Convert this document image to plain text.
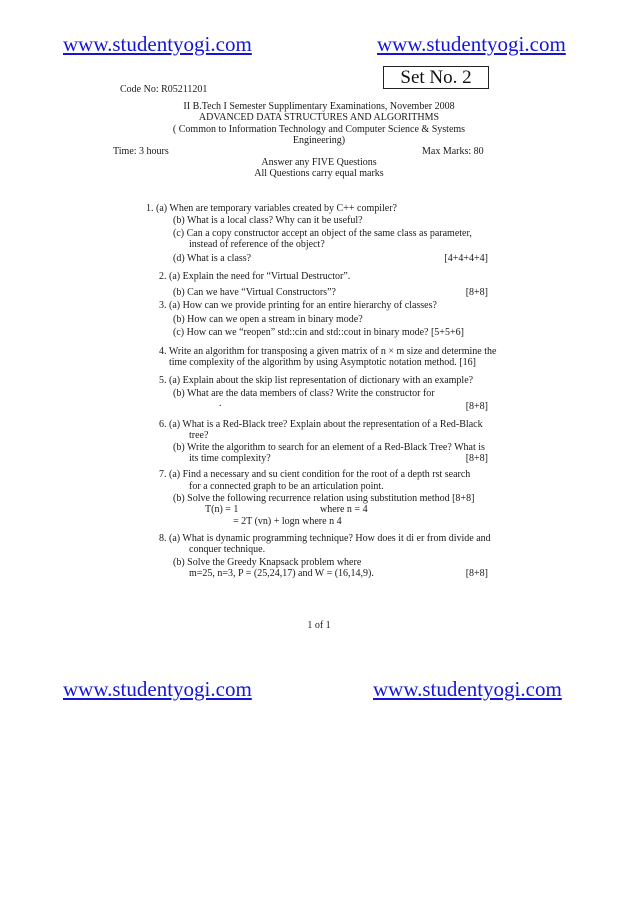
www.studentyogi.com	www.studentyogi.com
www.studentyogi.com	www.studentyogi.com
Code No: R05211201
Set No. 2
II B.Tech I Semester Supplimentary Examinations, November 2008
ADVANCED DATA STRUCTURES AND ALGORITHMS
( Common to Information Technology and Computer Science & Systems
Engineering)
Time: 3 hours	Max Marks: 80
Answer any FIVE Questions
All Questions carry equal marks
1. (a) When are temporary variables created by C++ compiler?
(b) What is a local class? Why can it be useful?
(c) Can a copy constructor accept an object of the same class as parameter,
instead of reference of the object?
(d) What is a class?	[4+4+4+4]
2. (a) Explain the need for “Virtual Destructor”.
(b) Can we have “Virtual Constructors”?	[8+8]
3. (a) How can we provide printing for an entire hierarchy of classes?
(b) How can we open a stream in binary mode?
(c) How can we “reopen” std::cin and std::cout in binary mode? [5+5+6]
4. Write an algorithm for transposing a given matrix of n × m size and determine the
time complexity of the algorithm by using Asymptotic notation method. [16]
5. (a) Explain about the skip list representation of dictionary with an example?
(b) What are the data members of class? Write the constructor for
.	[8+8]
6. (a) What is a Red-Black tree? Explain about the representation of a Red-Black
tree?
(b) Write the algorithm to search for an element of a Red-Black Tree? What is
its time complexity?	[8+8]
7. (a) Find a necessary and su cient condition for the root of a depth rst search
for a connected graph to be an articulation point.
(b) Solve the following recurrence relation using substitution method [8+8]
T(n) = 1	where n = 4
= 2T (vn) + logn where n 4
8. (a) What is dynamic programming technique? How does it di er from divide and
conquer technique.
(b) Solve the Greedy Knapsack problem where
m=25, n=3, P = (25,24,17) and W = (16,14,9).	[8+8]
1 of 1
